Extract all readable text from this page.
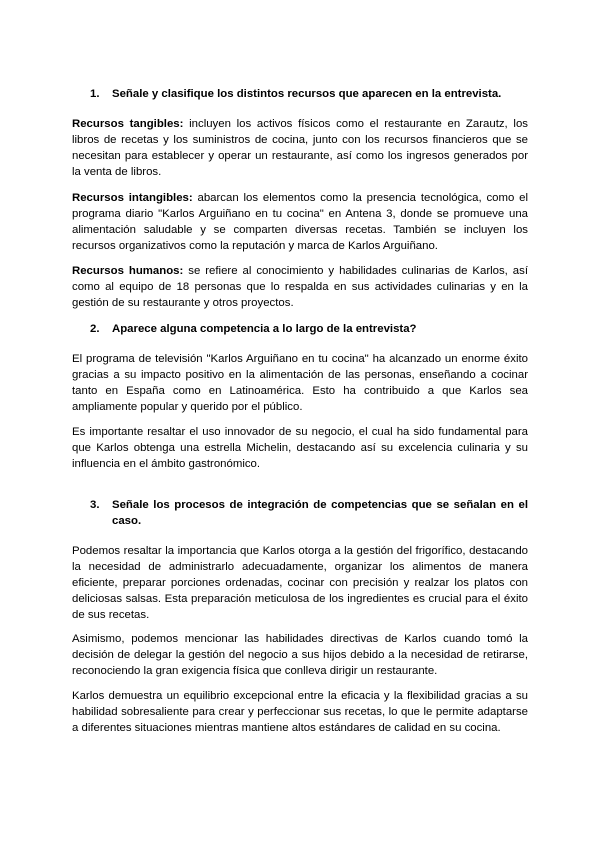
1.	Señale y clasifique los distintos recursos que aparecen en la entrevista.

Recursos tangibles: incluyen los activos físicos como el restaurante en Zarautz, los libros de recetas y los suministros de cocina, junto con los recursos financieros que se necesitan para establecer y operar un restaurante, así como los ingresos generados por la venta de libros.

Recursos intangibles: abarcan los elementos como la presencia tecnológica, como el programa diario "Karlos Arguiñano en tu cocina" en Antena 3, donde se promueve una alimentación saludable y se comparten diversas recetas. También se incluyen los recursos organizativos como la reputación y marca de Karlos Arguiñano.

Recursos humanos: se refiere al conocimiento y habilidades culinarias de Karlos, así como al equipo de 18 personas que lo respalda en sus actividades culinarias y en la gestión de su restaurante y otros proyectos.

2.	Aparece alguna competencia a lo largo de la entrevista?

El programa de televisión "Karlos Arguiñano en tu cocina" ha alcanzado un enorme éxito gracias a su impacto positivo en la alimentación de las personas, enseñando a cocinar tanto en España como en Latinoamérica. Esto ha contribuido a que Karlos sea ampliamente popular y querido por el público.

Es importante resaltar el uso innovador de su negocio, el cual ha sido fundamental para que Karlos obtenga una estrella Michelin, destacando así su excelencia culinaria y su influencia en el ámbito gastronómico.

3.	Señale los procesos de integración de competencias que se señalan en el caso.

Podemos resaltar la importancia que Karlos otorga a la gestión del frigorífico, destacando la necesidad de administrarlo adecuadamente, organizar los alimentos de manera eficiente, preparar porciones ordenadas, cocinar con precisión y realzar los platos con deliciosas salsas. Esta preparación meticulosa de los ingredientes es crucial para el éxito de sus recetas.

Asimismo, podemos mencionar las habilidades directivas de Karlos cuando tomó la decisión de delegar la gestión del negocio a sus hijos debido a la necesidad de retirarse, reconociendo la gran exigencia física que conlleva dirigir un restaurante.

Karlos demuestra un equilibrio excepcional entre la eficacia y la flexibilidad gracias a su habilidad sobresaliente para crear y perfeccionar sus recetas, lo que le permite adaptarse a diferentes situaciones mientras mantiene altos estándares de calidad en su cocina.
